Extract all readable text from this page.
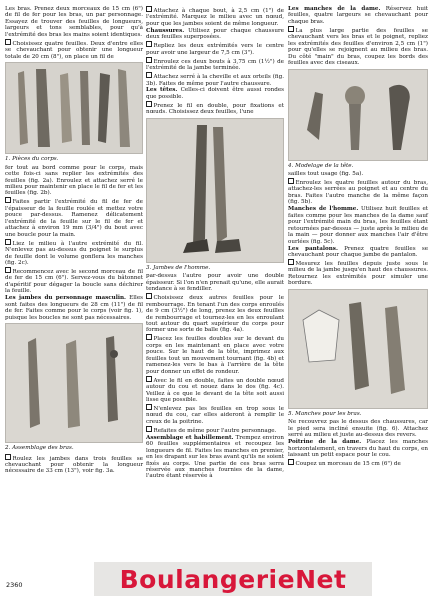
Les bras. Prenez deux morceaux de 15 cm (6") de fil de fer pour les bras, un par personnage. Essayez de trouver des feuilles de longueurs, largeurs et tons semblables, pour qu'à l'extrémité des bras les mains soient identiques.

Choisissez quatre feuilles. Deux d'entre elles se chevauchant pour obtenir une longueur totale de 20 cm (8"), on place un fil de

1. Pièces du corps.

fer tout au bord comme pour le corps, mais cette fois-ci sans replier les extrémités des feuilles (fig. 2a). Enroulez et attachez serré le milieu pour maintenir en place le fil de fer et les feuilles (fig. 2b).

Faites partir l'extrémité du fil de fer de l'épaisseur de la feuille roulée et mettez votre pouce par-dessus. Ramenez délicatement l'extrémité de la feuille sur le fil de fer et attachez à environ 19 mm (3/4") du bout avec une boucle pour la main.

Liez le milieu à l'autre extrémité du fil. N'enlevez pas au-dessus du poignet le surplus de feuille dont le volume gonflera les manches (fig. 2c).

Recommencez avec le second morceau de fil de fer de 15 cm (6"). Servez-vous du bâtonnet d'apéritif pour dégager la boucle sans déchirer la feuille.

Les jambes du personnage masculin. Elles sont faites des longueurs de 28 cm (11") de fil de fer. Faites comme pour le corps (voir fig. 1), puisque les boucles ne sont pas nécessaires.

2. Assemblage des bras.

Roulez les jambes dans trois feuilles se chevauchant pour obtenir la longueur nécessaire de 33 cm (13"), voir fig. 3a.

Attachez à chaque bout, à 2,5 cm (1") de l'extrémité. Marquez le milieu avec un nœud, pour que les jambes soient de même longueur.

Chaussures. Utilisez pour chaque chaussure deux feuilles superposées.

Repliez les deux extrémités vers le centre pour avoir une largeur de 7,5 cm (3").

Enroulez ces deux bouts à 3,75 cm (1½") de l'extrémité de la jambe terminée.

Attachez serré à la cheville et aux orteils (fig. 3b). Faites de même pour l'autre chaussure.

Les têtes. Celles-ci doivent être aussi rondes que possible.

Prenez le fil en double, pour fixations et nœuds. Choisissez deux feuilles, l'une

3. Jambes de l'homme.

par-dessus l'autre pour avoir une double épaisseur. Si l'on n'en prenait qu'une, elle aurait tendance à se fendiller.

Choisissez deux autres feuilles pour le rembourrage. En tenant l'un des corps enroulés de 9 cm (3½") de long, prenez les deux feuilles de rembourrage et tournez-les en les enroulant tout autour du quart supérieur du corps pour former une sorte de balle (fig. 4a).

Placez les feuilles doubles sur le devant du corps en les maintenant en place avec votre pouce. Sur le haut de la tête, imprimez aux feuilles tout un mouvement tournant (fig. 4b) et ramenez-les vers le bas à l'arrière de la tête pour donner un effet de rondeur.

Avec le fil en double, faites un double nœud autour du cou et nouez dans le dos (fig. 4c). Veillez à ce que le devant de la tête soit aussi lisse que possible.

N'enlevez pas les feuilles en trop sous le nœud du cou, car elles aideront à remplir le creux de la poitrine.

Refaites de même pour l'autre personnage.

Assemblage et habillement. Trempez environ 60 feuilles supplémentaires et recoupez les longueurs de fil. Faites les manches en premier, en les drapant sur les bras avant qu'ils ne soient fixés au corps. Une partie de ces bras serra réservée aux manches fournies de la dame, l'autre étant réservée à

Les manches de la dame. Réservez huit feuilles, quatre largeurs se chevauchant pour chaque bras.

La plus large partie des feuilles se chevauchant vers les bras et le poignet, repliez les extrémités des feuilles d'environ 2,5 cm (1") pour qu'elles se rejoignent au milieu des bras. Du côté "main" du bras, coupez les bords des feuilles avec des ciseaux.

4. Modelage de la tête.

sailles tout usage (fig. 5a).

Enroulez les quatre feuilles autour du bras, attachez-les serrées au poignet et au centre du bras. Faites l'autre manche de la même façon (fig. 5b).

Manches de l'homme. Utilisez huit feuilles et faites comme pour les manches de la dame sauf pour l'extrémité main du bras, les feuilles étant retournées par-dessus — juste après le milieu de la main — pour donner aux manches l'air d'être ourlées (fig. 5c).

Les pantalons. Prenez quatre feuilles se chevauchant pour chaque jambe de pantalon.

Mesurez les feuilles depuis juste sous le milieu de la jambe jusqu'en haut des chaussures. Retournez les extrémités pour simuler une bordure.

5. Manches pour les bras.

Ne recouvrez pas le dessus des chaussures, car le pied sera incliné ensuite (fig. 6). Attachez serré au milieu et juste au-dessus des revers.

Poitrine de la dame. Placez les manches horizontalement, en travers du haut du corps, en laissant un petit espace pour le cou.

Coupez un morceau de 15 cm (6") de

2360	BoulangerieNet
